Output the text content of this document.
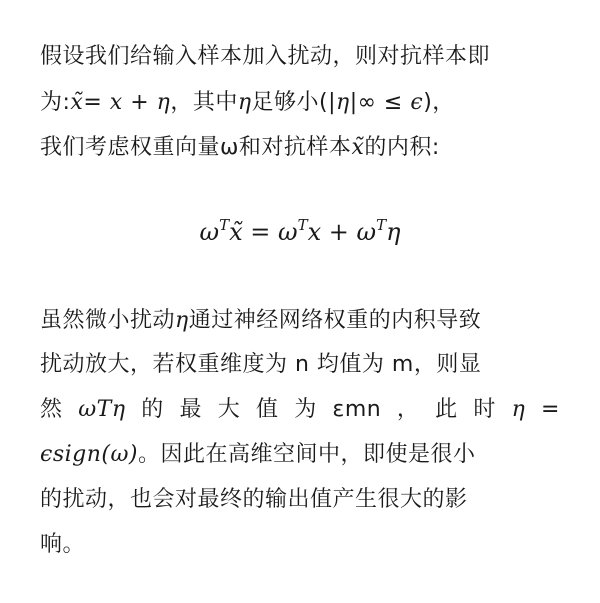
假设我们给输入样本加入扰动，则对抗样本即
为:x̃= x + η，其中η足够小(|η|∞ ≤ ϵ)，
我们考虑权重向量ω和对抗样本x̃的内积:
$\omega^Tx̃ = \omega^Tx + \omega^T\eta$
虽然微小扰动η通过神经网络权重的内积导致
扰动放大，若权重维度为 n 均值为 m，则显
然 ωTη 的 最 大 值 为 εmn ， 此 时 η =
ϵsign(ω)。因此在高维空间中，即使是很小
的扰动，也会对最终的输出值产生很大的影
响。
